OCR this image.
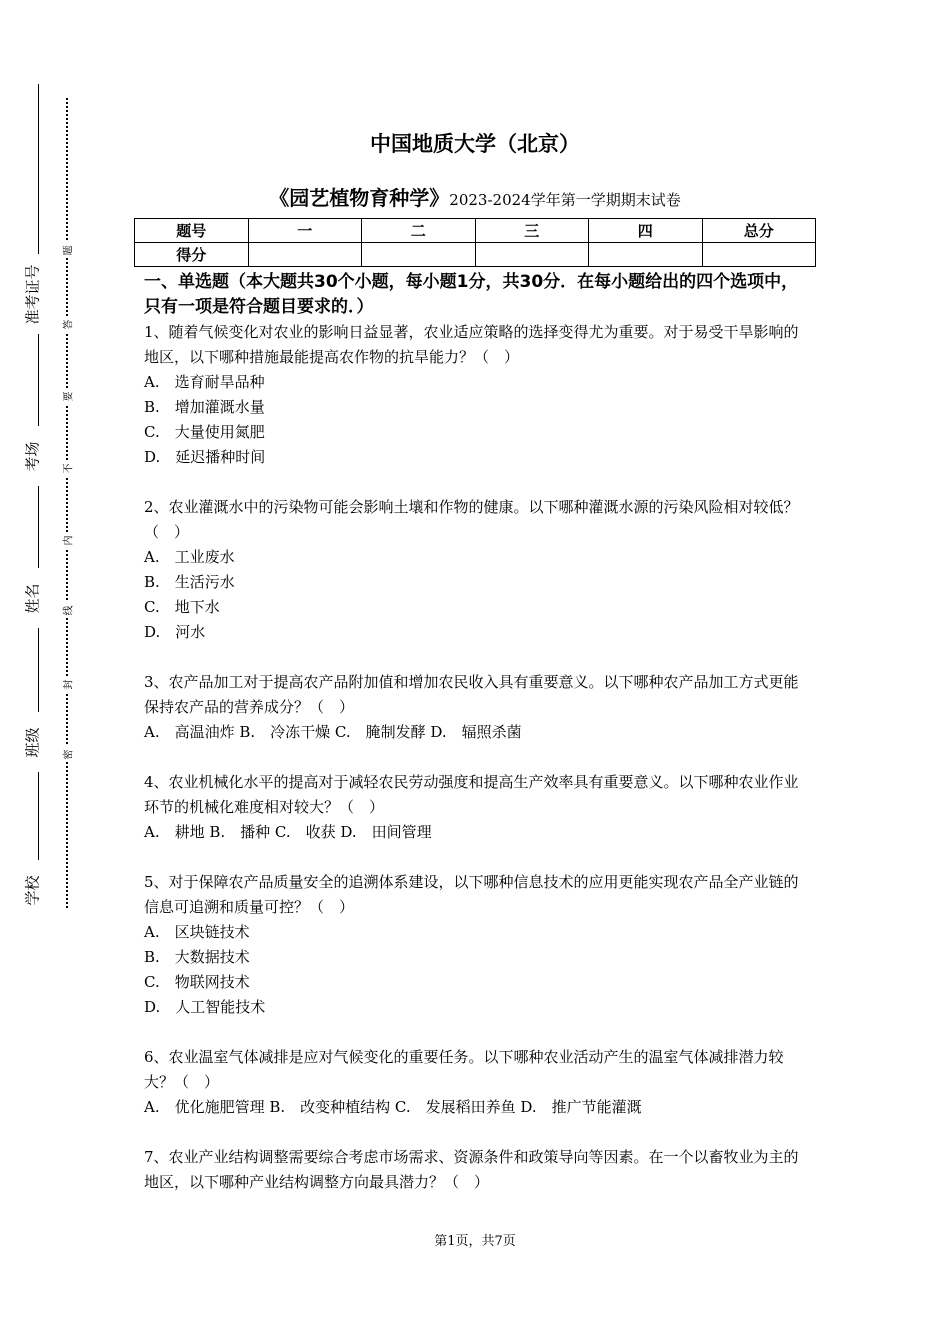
准考证号
考场
姓名
班级
学校
题
答
要
不
内
线
封
密
中国地质大学（北京）
《园艺植物育种学》2023-2024学年第一学期期末试卷
题号	一	二	三	四	总分
得分					

一、单选题（本大题共30个小题，每小题1分，共30分．在每小题给出的四个选项中，只有一项是符合题目要求的．）

1、随着气候变化对农业的影响日益显著，农业适应策略的选择变得尤为重要。对于易受干旱影响的地区，以下哪种措施最能提高农作物的抗旱能力？（　）

A.　选育耐旱品种

B.　增加灌溉水量

C.　大量使用氮肥

D.　延迟播种时间

2、农业灌溉水中的污染物可能会影响土壤和作物的健康。以下哪种灌溉水源的污染风险相对较低？（　）

A.　工业废水

B.　生活污水

C.　地下水

D.　河水

3、农产品加工对于提高农产品附加值和增加农民收入具有重要意义。以下哪种农产品加工方式更能保持农产品的营养成分？（　）

A.　高温油炸 B.　冷冻干燥 C.　腌制发酵 D.　辐照杀菌

4、农业机械化水平的提高对于减轻农民劳动强度和提高生产效率具有重要意义。以下哪种农业作业环节的机械化难度相对较大？（　）

A.　耕地 B.　播种 C.　收获 D.　田间管理

5、对于保障农产品质量安全的追溯体系建设，以下哪种信息技术的应用更能实现农产品全产业链的信息可追溯和质量可控？（　）

A.　区块链技术

B.　大数据技术

C.　物联网技术

D.　人工智能技术

6、农业温室气体减排是应对气候变化的重要任务。以下哪种农业活动产生的温室气体减排潜力较大？（　）

A.　优化施肥管理 B.　改变种植结构 C.　发展稻田养鱼 D.　推广节能灌溉

7、农业产业结构调整需要综合考虑市场需求、资源条件和政策导向等因素。在一个以畜牧业为主的地区，以下哪种产业结构调整方向最具潜力？（　）

第1页，共7页
